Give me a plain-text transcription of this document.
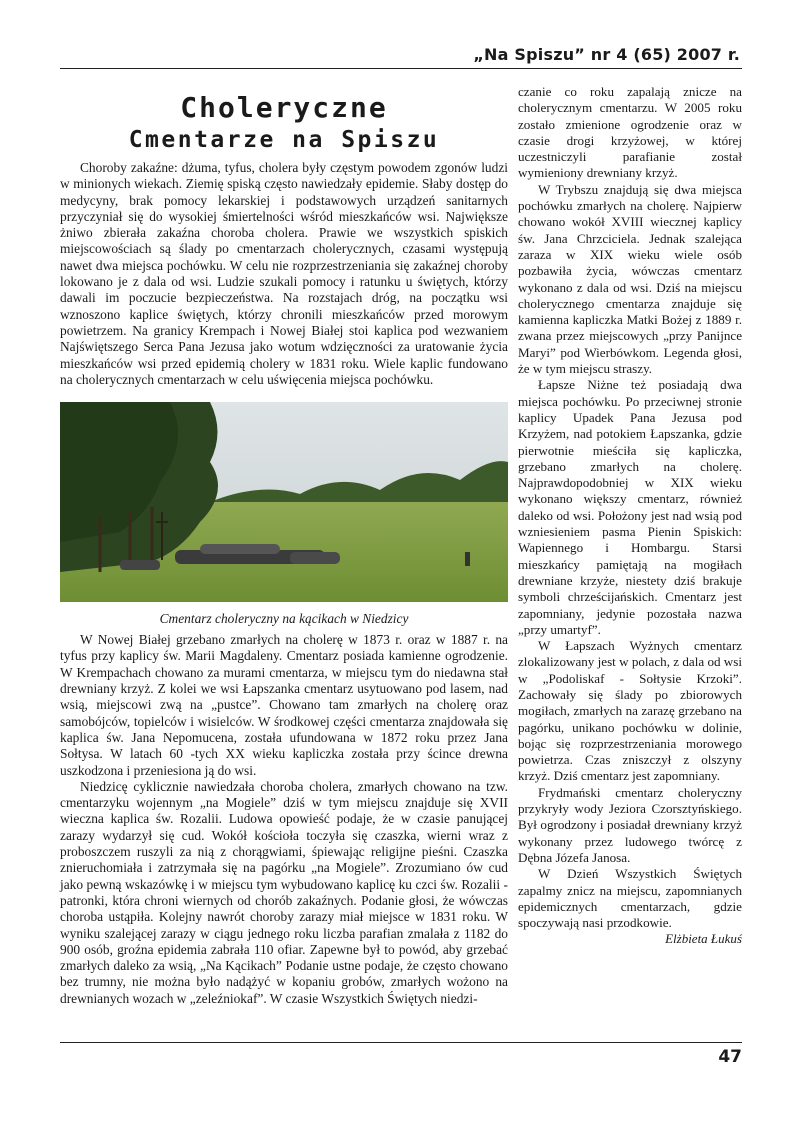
„Na Spiszu” nr 4 (65) 2007 r.
Choleryczne
Cmentarze na Spiszu

Choroby zakaźne: dżuma, tyfus, cholera były częstym powodem zgonów ludzi w minionych wiekach. Ziemię spiską często nawiedzały epidemie. Słaby dostęp do medycyny, brak pomocy lekarskiej i podstawowych urządzeń sanitarnych przyczyniał się do wysokiej śmiertelności wśród mieszkańców wsi. Największe żniwo zbierała zakaźna choroba cholera. Prawie we wszystkich spiskich miejscowościach są ślady po cmentarzach cholerycznych, czasami występują nawet dwa miejsca pochówku. W celu nie rozprzestrzeniania się zakaźnej choroby lokowano je z dala od wsi. Ludzie szukali pomocy i ratunku u świętych, którzy dawali im poczucie bezpieczeństwa. Na rozstajach dróg, na początku wsi wznoszono kaplice świętych, którzy chronili mieszkańców przed morowym powietrzem. Na granicy Krempach i Nowej Białej stoi kaplica pod wezwaniem Najświętszego Serca Pana Jezusa jako wotum wdzięczności za uratowanie życia mieszkańców wsi przed epidemią cholery w 1831 roku. Wiele kaplic fundowano na cholerycznych cmentarzach w celu uświęcenia miejsca pochówku.

Cmentarz choleryczny na kącikach w Niedzicy

W Nowej Białej grzebano zmarłych na cholerę w 1873 r. oraz w 1887 r. na tyfus przy kaplicy św. Marii Magdaleny. Cmentarz posiada kamienne ogrodzenie. W Krempachach chowano za murami cmentarza, w miejscu tym do niedawna stał drewniany krzyż. Z kolei we wsi Łapszanka cmentarz usytuowano pod lasem, nad wsią, miejscowi zwą na „pustce”. Chowano tam zmarłych na cholerę oraz samobójców, topielców i wisielców. W środkowej części cmentarza znajdowała się kaplica św. Jana Nepomucena, została ufundowana w 1872 roku przez Jana Sołtysa. W latach 60 -tych XX wieku kapliczka została przy ścince drewna uszkodzona i przeniesiona ją do wsi.

Niedzicę cyklicznie nawiedzała choroba cholera, zmarłych chowano na tzw. cmentarzyku wojennym „na Mogiele” dziś w tym miejscu znajduje się XVII wieczna kaplica św. Rozalii. Ludowa opowieść podaje, że w czasie panującej zarazy wydarzył się cud. Wokół kościoła toczyła się czaszka, wierni wraz z proboszczem ruszyli za nią z chorągwiami, śpiewając religijne pieśni. Czaszka znieruchomiała i zatrzymała się na pagórku „na Mogiele”. Zrozumiano ów cud jako pewną wskazówkę i w miejscu tym wybudowano kaplicę ku czci św. Rozalii - patronki, która chroni wiernych od chorób zakaźnych. Podanie głosi, że wówczas choroba ustąpiła. Kolejny nawrót choroby zarazy miał miejsce w 1831 roku. W wyniku szalejącej zarazy w ciągu jednego roku liczba parafian zmalała z 1182 do 900 osób, groźna epidemia zabrała 110 ofiar. Zapewne był to powód, aby grzebać zmarłych daleko za wsią, „Na Kącikach” Podanie ustne podaje, że często chowano bez trumny, nie można było nadążyć w kopaniu grobów, zmarłych wożono na drewnianych wozach w „zeleźniokaf”. W czasie Wszystkich Świętych niedzi-

czanie co roku zapalają znicze na cholerycznym cmentarzu. W 2005 roku zostało zmienione ogrodzenie oraz w czasie drogi krzyżowej, w której uczestniczyli parafianie został wymieniony drewniany krzyż.

W Trybszu znajdują się dwa miejsca pochówku zmarłych na cholerę. Najpierw chowano wokół XVIII wiecznej kaplicy św. Jana Chrzciciela. Jednak szalejąca zaraza w XIX wieku wiele osób pozbawiła życia, wówczas cmentarz wykonano z dala od wsi. Dziś na miejscu cholerycznego cmentarza znajduje się kamienna kapliczka Matki Bożej z 1889 r. zwana przez miejscowych „przy Panijnce Maryi” pod Wierbówkom. Legenda głosi, że w tym miejscu straszy.

Łapsze Niżne też posiadają dwa miejsca pochówku. Po przeciwnej stronie kaplicy Upadek Pana Jezusa pod Krzyżem, nad potokiem Łapszanka, gdzie pierwotnie mieściła się kapliczka, grzebano zmarłych na cholerę. Najprawdopodobniej w XIX wieku wykonano większy cmentarz, również daleko od wsi. Położony jest nad wsią pod wzniesieniem pasma Pienin Spiskich: Wapiennego i Hombargu. Starsi mieszkańcy pamiętają na mogiłach drewniane krzyże, niestety dziś brakuje symboli chrześcijańskich. Cmentarz jest zapomniany, jedynie pozostała nazwa „przy umartyf”.

W Łapszach Wyżnych cmentarz zlokalizowany jest w polach, z dala od wsi w „Podoliskaf - Sołtysie Krzoki”. Zachowały się ślady po zbiorowych mogiłach, zmarłych na zarazę grzebano na pagórku, unikano pochówku w dolinie, bojąc się rozprzestrzeniania morowego powietrza. Czas zniszczył z olszyny krzyż. Dziś cmentarz jest zapomniany.

Frydmański cmentarz choleryczny przykryły wody Jeziora Czorsztyńskiego. Był ogrodzony i posiadał drewniany krzyż wykonany przez ludowego twórcę z Dębna Józefa Janosa.

W Dzień Wszystkich Świętych zapalmy znicz na miejscu, zapomnianych epidemicznych cmentarzach, gdzie spoczywają nasi przodkowie.

Elżbieta Łukuś
47
